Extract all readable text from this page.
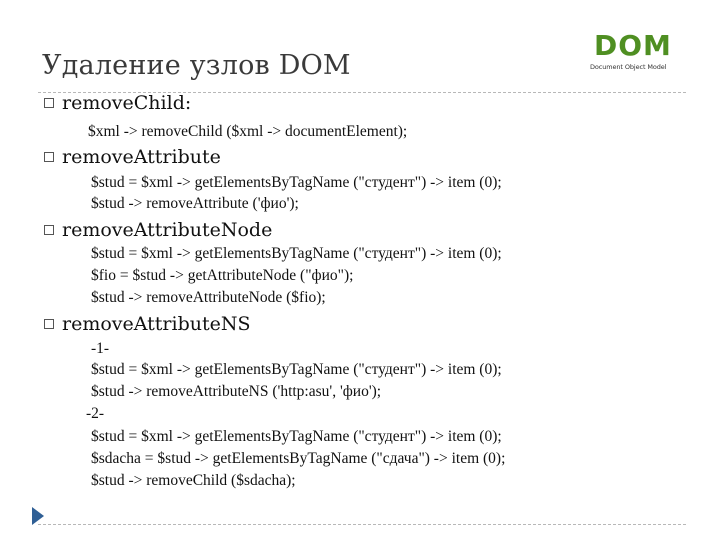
Удаление узлов DOM
DOM
Document Object Model
removeChild:
$xml -> removeChild ($xml -> documentElement);
removeAttribute
$stud = $xml -> getElementsByTagName ("студент") -> item (0);
$stud -> removeAttribute ('фио');
removeAttributeNode
$stud = $xml -> getElementsByTagName ("студент") -> item (0);
$fio = $stud -> getAttributeNode ("фио");
$stud -> removeAttributeNode ($fio);
removeAttributeNS
-1-
$stud = $xml -> getElementsByTagName ("студент") -> item (0);
$stud -> removeAttributeNS ('http:asu', 'фио');
-2-
$stud = $xml -> getElementsByTagName ("студент") -> item (0);
$sdacha = $stud -> getElementsByTagName ("сдача") -> item (0);
$stud -> removeChild ($sdacha);
